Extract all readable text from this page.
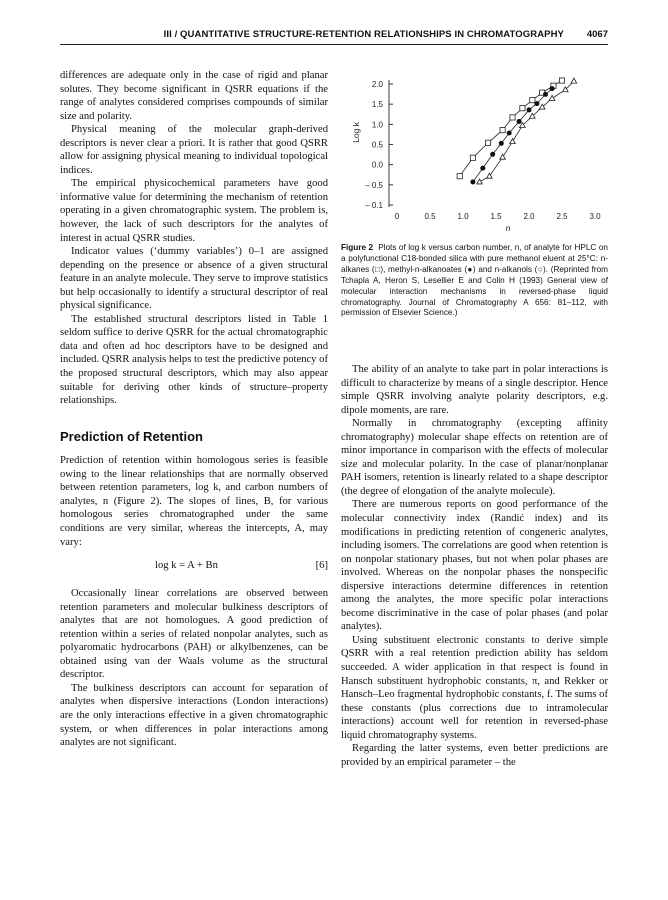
III / QUANTITATIVE STRUCTURE-RETENTION RELATIONSHIPS IN CHROMATOGRAPHY 4067

differences are adequate only in the case of rigid and planar solutes. They become significant in QSRR equations if the range of analytes considered comprises compounds of similar size and polarity.

Physical meaning of the molecular graph-derived descriptors is never clear a priori. It is rather that good QSRR allow for assigning physical meaning to individual topological indices.

The empirical physicochemical parameters have good informative value for determining the mechanism of retention operating in a given chromatographic system. The problem is, however, the lack of such descriptors for the analytes of interest in actual QSRR studies.

Indicator values (‘dummy variables’) 0–1 are assigned depending on the presence or absence of a given structural feature in an analyte molecule. They serve to improve statistics but help occasionally to identify a structural descriptor of real physical significance.

The established structural descriptors listed in Table 1 seldom suffice to derive QSRR for the actual chromatographic data and often ad hoc descriptors have to be designed and included. QSRR analysis helps to test the predictive potency of the proposed structural descriptors, which may also appear suitable for deriving other kinds of structure–property relationships.

Prediction of Retention

Prediction of retention within homologous series is feasible owing to the linear relationships that are normally observed between retention parameters, log k, and carbon numbers of analytes, n (Figure 2). The slopes of lines, B, for various homologous series chromatographed under the same conditions are very similar, whereas the intercepts, A, may vary:

log k = A + Bn	[6]

Occasionally linear correlations are observed between retention parameters and molecular bulkiness descriptors of analytes that are not homologues. A good prediction of retention within a series of related nonpolar analytes, such as polyaromatic hydrocarbons (PAH) or alkylbenzenes, can be obtained using van der Waals volume as the structural descriptor.

The bulkiness descriptors can account for separation of analytes when dispersive interactions (London interactions) are the only interactions effective in a given chromatographic system, or when differences in polar interactions among analytes are not significant.

2.0
1.5
1.0
0.5
0.0
– 0.5
– 0.1
Log k
0	0.5	1.0	1.5	2.0	2.5	3.0
n
Figure 2 Plots of log k versus carbon number, n, of analyte for HPLC on a polyfunctional C18-bonded silica with pure methanol eluent at 25°C: n-alkanes (□), methyl-n-alkanoates (●) and n-alkanols (○). (Reprinted from Tchapla A, Heron S, Lesellier E and Colin H (1993) General view of molecular interaction mechanisms in reversed-phase liquid chromatography. Journal of Chromatography A 656: 81–112, with permission of Elsevier Science.)

The ability of an analyte to take part in polar interactions is difficult to characterize by means of a single descriptor. Hence simple QSRR involving analyte polarity descriptors, e.g. dipole moments, are rare.

Normally in chromatography (excepting affinity chromatography) molecular shape effects on retention are of minor importance in comparison with the effects of molecular size and molecular polarity. In the case of planar/nonplanar PAH isomers, retention is linearly related to a shape descriptor (the degree of elongation of the analyte molecule).

There are numerous reports on good performance of the molecular connectivity index (Randić index) and its modifications in predicting retention of congeneric analytes, including isomers. The correlations are good when retention is on nonpolar stationary phases, but not when polar phases are involved. Whereas on the nonpolar phases the nonspecific dispersive interactions determine differences in retention among the analytes, the more specific polar interactions become discriminative in the case of polar phases (and polar analytes).

Using substituent electronic constants to derive simple QSRR with a real retention prediction ability has seldom succeeded. A wider application in that respect is found in Hansch substituent hydrophobic constants, π, and Rekker or Hansch–Leo fragmental hydrophobic constants, f. The sums of these constants (plus corrections due to intramolecular interactions) account well for retention in reversed-phase liquid chromatography systems.

Regarding the latter systems, even better predictions are provided by an empirical parameter – the
